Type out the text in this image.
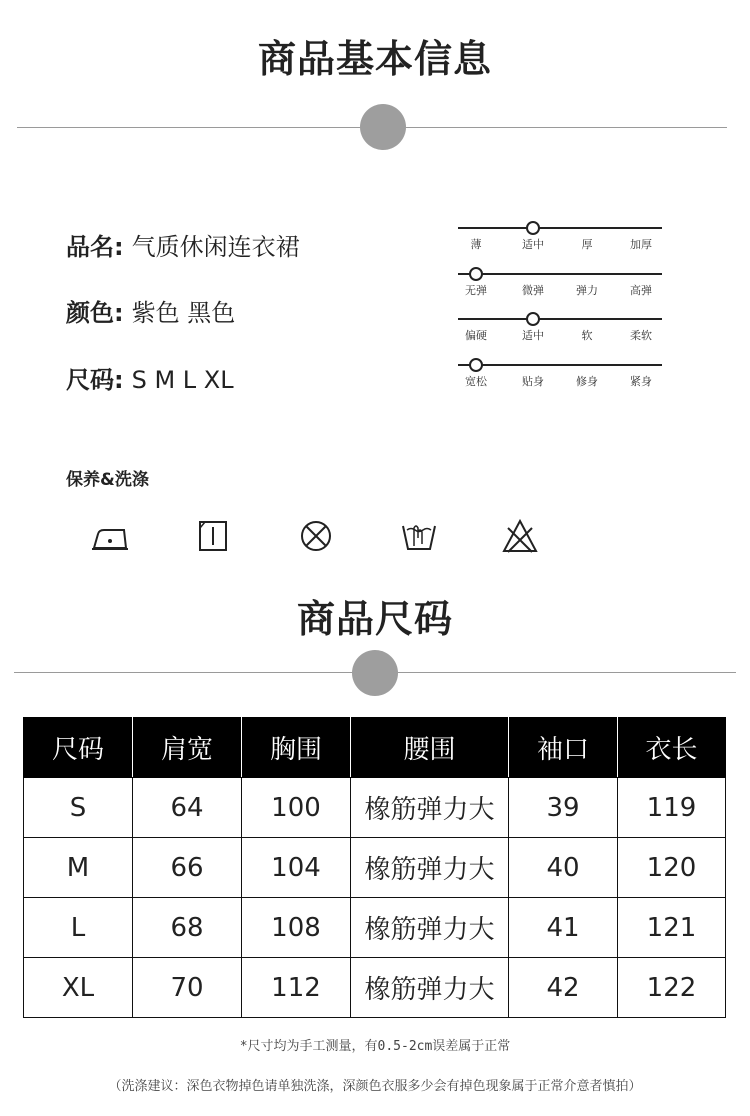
商品基本信息
品名: 气质休闲连衣裙
颜色: 紫色 黑色
尺码: S M L XL
薄	适中	厚	加厚
无弹	微弹	弹力	高弹
偏硬	适中	软	柔软
宽松	贴身	修身	紧身
保养&洗涤
商品尺码
尺码	肩宽	胸围	腰围	袖口	衣长
S	64	100	橡筋弹力大	39	119
M	66	104	橡筋弹力大	40	120
L	68	108	橡筋弹力大	41	121
XL	70	112	橡筋弹力大	42	122
*尺寸均为手工测量，有0.5-2cm误差属于正常
（洗涤建议：深色衣物掉色请单独洗涤，深颜色衣服多少会有掉色现象属于正常介意者慎拍）
